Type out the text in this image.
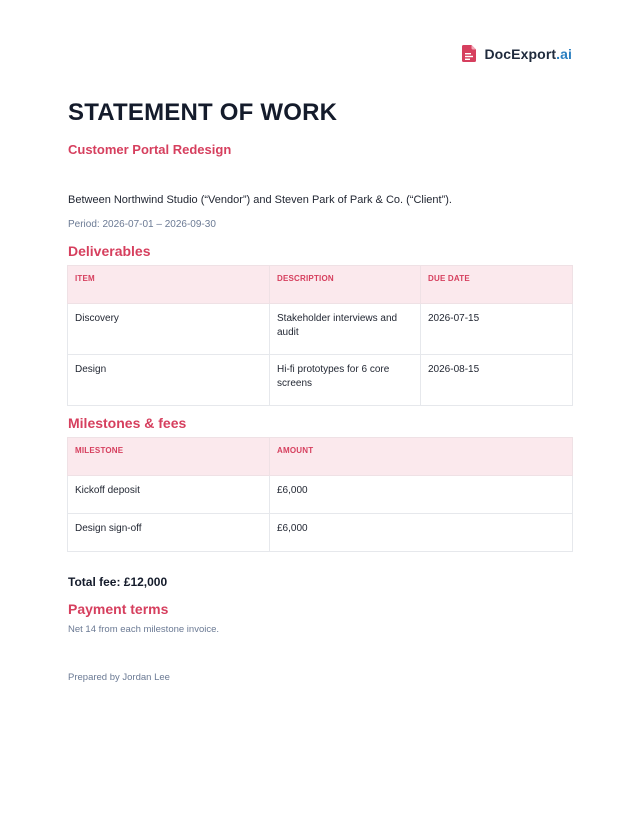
DocExport.ai
STATEMENT OF WORK
Customer Portal Redesign

Between Northwind Studio (“Vendor”) and Steven Park of Park & Co. (“Client”).

Period: 2026-07-01 – 2026-09-30

Deliverables
ITEM	DESCRIPTION	DUE DATE
Discovery	Stakeholder interviews and audit	2026-07-15
Design	Hi-fi prototypes for 6 core screens	2026-08-15
Milestones & fees
MILESTONE	AMOUNT
Kickoff deposit	£6,000
Design sign-off	£6,000

Total fee: £12,000

Payment terms

Net 14 from each milestone invoice.

Prepared by Jordan Lee
